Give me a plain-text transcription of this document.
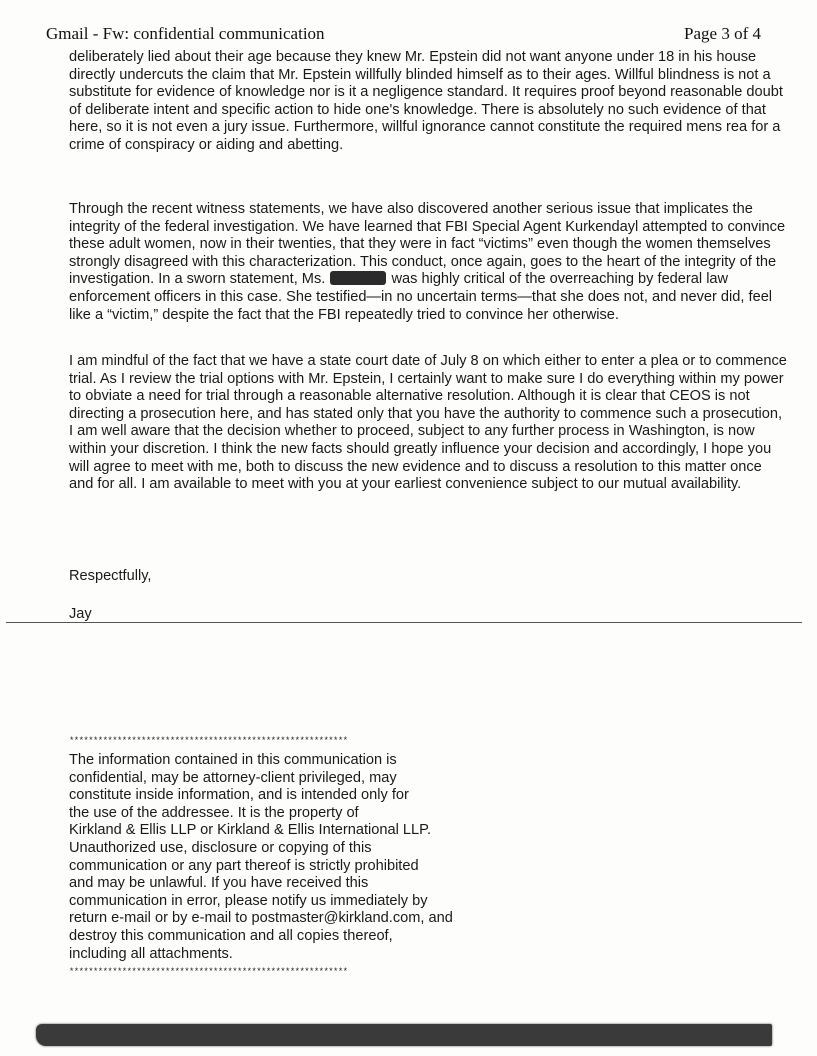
Gmail - Fw: confidential communication	Page 3 of 4
deliberately lied about their age because they knew Mr. Epstein did not want anyone under 18 in his house directly undercuts the claim that Mr. Epstein willfully blinded himself as to their ages. Willful blindness is not a substitute for evidence of knowledge nor is it a negligence standard. It requires proof beyond reasonable doubt of deliberate intent and specific action to hide one's knowledge. There is absolutely no such evidence of that here, so it is not even a jury issue. Furthermore, willful ignorance cannot constitute the required mens rea for a crime of conspiracy or aiding and abetting.
Through the recent witness statements, we have also discovered another serious issue that implicates the integrity of the federal investigation. We have learned that FBI Special Agent Kurkendayl attempted to convince these adult women, now in their twenties, that they were in fact “victims” even though the women themselves strongly disagreed with this characterization. This conduct, once again, goes to the heart of the integrity of the investigation. In a sworn statement, Ms.	was highly critical of the overreaching by federal law enforcement officers in this case. She testified—in no uncertain terms—that she does not, and never did, feel like a “victim,” despite the fact that the FBI repeatedly tried to convince her otherwise.
I am mindful of the fact that we have a state court date of July 8 on which either to enter a plea or to commence trial. As I review the trial options with Mr. Epstein, I certainly want to make sure I do everything within my power to obviate a need for trial through a reasonable alternative resolution. Although it is clear that CEOS is not directing a prosecution here, and has stated only that you have the authority to commence such a prosecution, I am well aware that the decision whether to proceed, subject to any further process in Washington, is now within your discretion. I think the new facts should greatly influence your decision and accordingly, I hope you will agree to meet with me, both to discuss the new evidence and to discuss a resolution to this matter once and for all. I am available to meet with you at your earliest convenience subject to our mutual availability.
Respectfully,
Jay
**********************************************************
The information contained in this communication is
confidential, may be attorney-client privileged, may
constitute inside information, and is intended only for
the use of the addressee. It is the property of
Kirkland & Ellis LLP or Kirkland & Ellis International LLP.
Unauthorized use, disclosure or copying of this
communication or any part thereof is strictly prohibited
and may be unlawful. If you have received this
communication in error, please notify us immediately by
return e-mail or by e-mail to postmaster@kirkland.com, and
destroy this communication and all copies thereof,
including all attachments.
**********************************************************
